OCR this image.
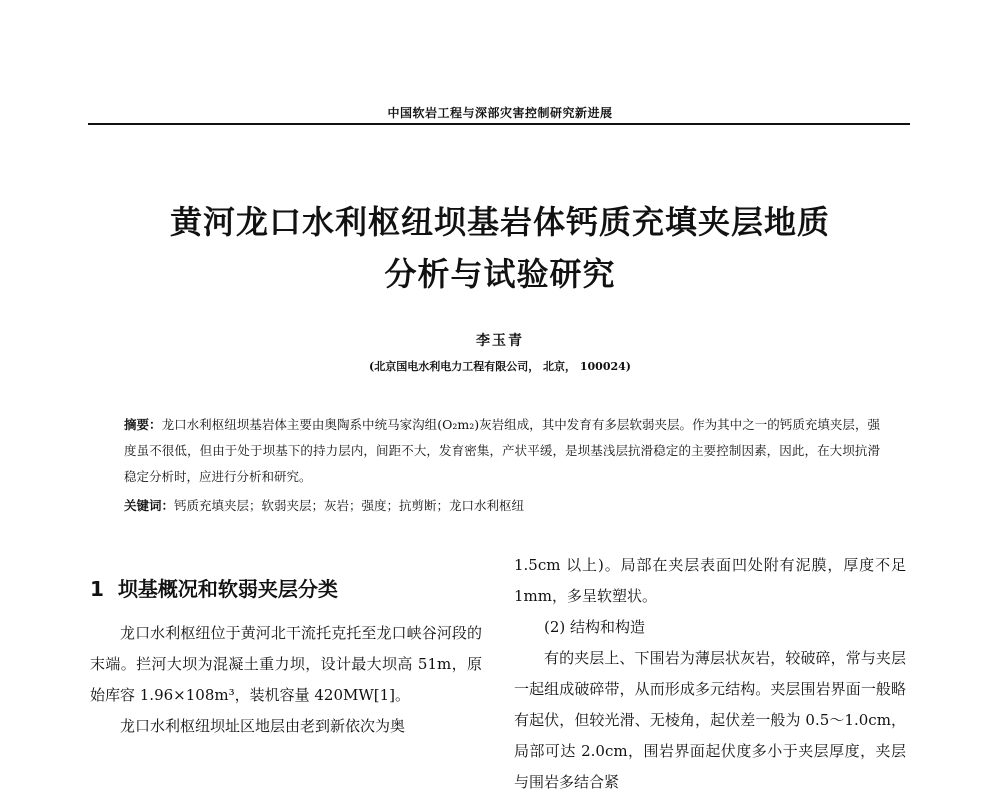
中国软岩工程与深部灾害控制研究新进展
黄河龙口水利枢纽坝基岩体钙质充填夹层地质
分析与试验研究
李玉青
(北京国电水利电力工程有限公司， 北京， 100024)
摘要：龙口水利枢纽坝基岩体主要由奥陶系中统马家沟组(O₂m₂)灰岩组成，其中发育有多层软弱夹层。作为其中之一的钙质充填夹层，强度虽不很低，但由于处于坝基下的持力层内，间距不大，发育密集，产状平缓，是坝基浅层抗滑稳定的主要控制因素，因此，在大坝抗滑稳定分析时，应进行分析和研究。
关键词：钙质充填夹层；软弱夹层；灰岩；强度；抗剪断；龙口水利枢纽
1 坝基概况和软弱夹层分类
龙口水利枢纽位于黄河北干流托克托至龙口峡谷河段的末端。拦河大坝为混凝土重力坝，设计最大坝高 51m，原始库容 1.96×108m³，装机容量 420MW[1]。
龙口水利枢纽坝址区地层由老到新依次为奥
1.5cm 以上)。局部在夹层表面凹处附有泥膜，厚度不足 1mm，多呈软塑状。
(2) 结构和构造
有的夹层上、下围岩为薄层状灰岩，较破碎，常与夹层一起组成破碎带，从而形成多元结构。夹层围岩界面一般略有起伏，但较光滑、无棱角，起伏差一般为 0.5～1.0cm，局部可达 2.0cm，围岩界面起伏度多小于夹层厚度，夹层与围岩多结合紧
